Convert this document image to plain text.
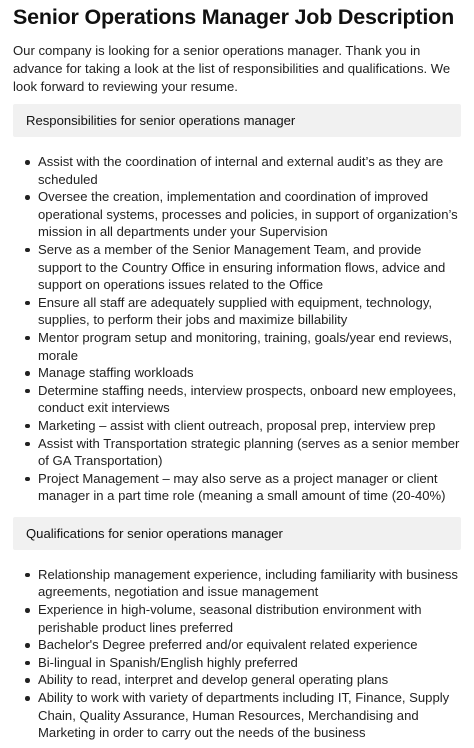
Senior Operations Manager Job Description

Our company is looking for a senior operations manager. Thank you in advance for taking a look at the list of responsibilities and qualifications. We look forward to reviewing your resume.

Responsibilities for senior operations manager
Assist with the coordination of internal and external audit’s as they are scheduled
Oversee the creation, implementation and coordination of improved operational systems, processes and policies, in support of organization’s mission in all departments under your Supervision
Serve as a member of the Senior Management Team, and provide support to the Country Office in ensuring information flows, advice and support on operations issues related to the Office
Ensure all staff are adequately supplied with equipment, technology, supplies, to perform their jobs and maximize billability
Mentor program setup and monitoring, training, goals/year end reviews, morale
Manage staffing workloads
Determine staffing needs, interview prospects, onboard new employees, conduct exit interviews
Marketing – assist with client outreach, proposal prep, interview prep
Assist with Transportation strategic planning (serves as a senior member of GA Transportation)
Project Management – may also serve as a project manager or client manager in a part time role (meaning a small amount of time (20-40%)
Qualifications for senior operations manager
Relationship management experience, including familiarity with business agreements, negotiation and issue management
Experience in high-volume, seasonal distribution environment with perishable product lines preferred
Bachelor's Degree preferred and/or equivalent related experience
Bi-lingual in Spanish/English highly preferred
Ability to read, interpret and develop general operating plans
Ability to work with variety of departments including IT, Finance, Supply Chain, Quality Assurance, Human Resources, Merchandising and Marketing in order to carry out the needs of the business
